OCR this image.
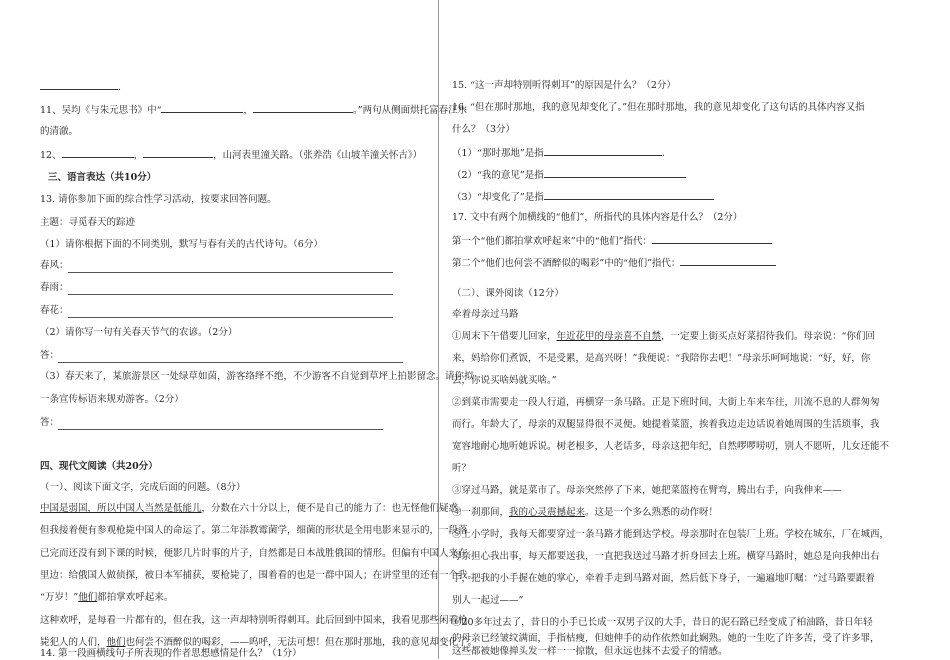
.
11、吴均《与朱元思书》中“	，	。”两句从侧面烘托富春江水
的清澈。
12、	，	，山河表里潼关路。（张养浩《山坡羊潼关怀古》）
三、语言表达（共10分）
13. 请你参加下面的综合性学习活动，按要求回答问题。
主题：寻觅春天的踪迹
（1）请你根据下面的不同类别，默写与春有关的古代诗句。（6分）
春风：
春雨：
春花：
（2）请你写一句有关春天节气的农谚。（2分）
答：
（3）春天来了，某旅游景区一处绿草如茵，游客络绎不绝，不少游客不自觉到草坪上拍影留念。请你拟
一条宣传标语来规劝游客。（2分）
答：
四、现代文阅读（共20分）
（一）、阅读下面文字，完成后面的问题。（8分）
中国是弱国，所以中国人当然是低能儿，分数在六十分以上，便不是自己的能力了：也无怪他们疑惑。
但我接着便有参观枪毙中国人的命运了。第二年添教霉菌学，细菌的形状是全用电影来显示的，一段落
已完而还没有到下课的时候，便影几片时事的片子，自然都是日本战胜俄国的情形。但偏有中国人夹在
里边：给俄国人做侦探，被日本军捕获，要枪毙了，围着看的也是一群中国人；在讲堂里的还有一个我。
“万岁！”他们都拍掌欢呼起来。
这种欢呼，是每看一片都有的，但在我，这一声却特别听得刺耳。此后回到中国来，我看见那些闲看枪
毙犯人的人们，他们也何尝不酒醉似的喝彩，——呜呼，无法可想！但在那时那地，我的意见却变化了。
14. 第一段画横线句子所表现的作者思想感情是什么？（1分）
15. “这一声却特别听得刺耳”的原因是什么？（2分）
16. “但在那时那地，我的意见却变化了。”但在那时那地，我的意见却变化了这句话的具体内容又指
什么？（3分）
（1）“那时那地”是指	.
（2）“我的意见”是指
（3）“却变化了”是指
17. 文中有两个加横线的“他们”，所指代的具体内容是什么？（2分）
第一个“他们都拍掌欢呼起来”中的“他们”指代：
第二个“他们也何尝不酒醉似的喝彩”中的“他们”指代：
（二）、课外阅读（12分）
牵着母亲过马路
①周末下午借要儿回家，年近花甲的母亲喜不自禁，一定要上街买点好菜招待我们。母亲说：“你们回
来，妈给你们煮饭，不是受累，是高兴呀！”我便说：“我陪你去吧！”母亲乐呵呵地说：“好，好，你
去，你说买啥妈就买啥。”
②到菜市需要走一段人行道，再横穿一条马路。正是下班时间，大街上车来车往，川流不息的人群匆匆
而行。年龄大了，母亲的双腿显得很不灵便。她提着菜篮，挨着我边走边话说着她周围的生活琐事，我
宽容地耐心地听她诉说。树老根多，人老话多，母亲这把年纪，自然啰啰唠叨，别人不愿听，儿女还能不
听？
③穿过马路，就是菜市了。母亲突然停了下来，她把菜篮挎在臂弯，腾出右手，向我伸来——
④一刹那间，我的心灵震撼起来。这是一个多么熟悉的动作呀！
⑤上小学时，我每天都要穿过一条马路才能到达学校。母亲那时在包装厂上班。学校在城东，厂在城西，
母亲担心我出事，每天都要送我，一直把我送过马路才折身回去上班。横穿马路时，她总是向我伸出右
手，把我的小手握在她的掌心，牵着手走到马路对面，然后低下身子，一遍遍地叮嘱：“过马路要跟着
别人一起过——”
⑥20多年过去了，昔日的小手已长成一双男子汉的大手，昔日的泥石路已经变成了柏油路，昔日年轻
的母亲已经皱纹满面，手指枯瘦，但她伸手的动作依然如此娴熟。她的一生吃了许多苦，受了许多罪，
这些都被她像掸头发一样一一掠散，但永远也抹不去爱子的情感。
